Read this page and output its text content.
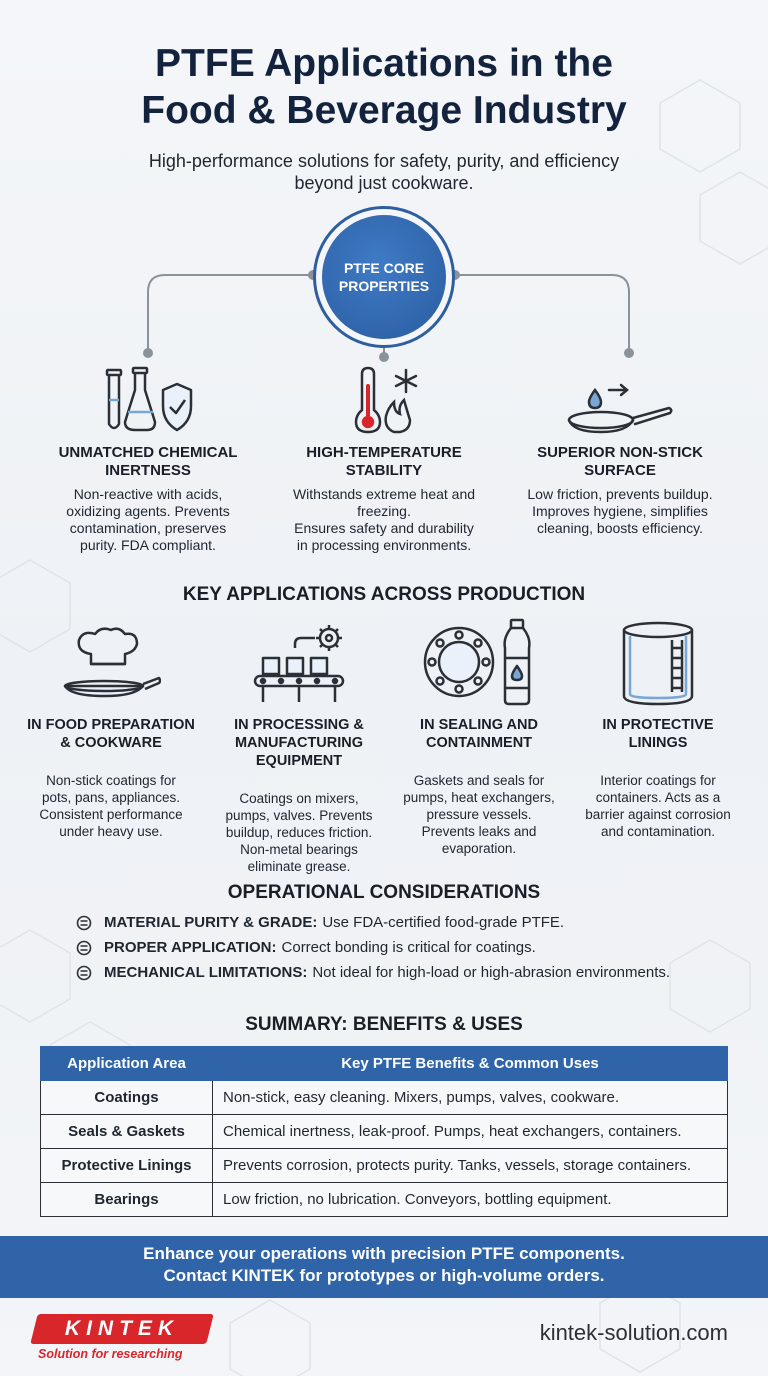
PTFE Applications in the
Food & Beverage Industry
High-performance solutions for safety, purity, and efficiency
beyond just cookware.
PTFE CORE
PROPERTIES
UNMATCHED CHEMICAL
INERTNESS

Non-reactive with acids,
oxidizing agents. Prevents
contamination, preserves
purity. FDA compliant.

HIGH-TEMPERATURE
STABILITY

Withstands extreme heat and
freezing.
Ensures safety and durability
in processing environments.

SUPERIOR NON-STICK
SURFACE

Low friction, prevents buildup.
Improves hygiene, simplifies
cleaning, boosts efficiency.

KEY APPLICATIONS ACROSS PRODUCTION
IN FOOD PREPARATION
& COOKWARE

Non-stick coatings for
pots, pans, appliances.
Consistent performance
under heavy use.

IN PROCESSING &
MANUFACTURING
EQUIPMENT

Coatings on mixers,
pumps, valves. Prevents
buildup, reduces friction.
Non-metal bearings
eliminate grease.

IN SEALING AND
CONTAINMENT

Gaskets and seals for
pumps, heat exchangers,
pressure vessels.
Prevents leaks and
evaporation.

IN PROTECTIVE
LININGS

Interior coatings for
containers. Acts as a
barrier against corrosion
and contamination.

OPERATIONAL CONSIDERATIONS
MATERIAL PURITY & GRADE: Use FDA-certified food-grade PTFE.
PROPER APPLICATION: Correct bonding is critical for coatings.
MECHANICAL LIMITATIONS: Not ideal for high-load or high-abrasion environments.
SUMMARY: BENEFITS & USES
Application Area	Key PTFE Benefits & Common Uses
Coatings	Non-stick, easy cleaning. Mixers, pumps, valves, cookware.
Seals & Gaskets	Chemical inertness, leak-proof. Pumps, heat exchangers, containers.
Protective Linings	Prevents corrosion, protects purity. Tanks, vessels, storage containers.
Bearings	Low friction, no lubrication. Conveyors, bottling equipment.
Enhance your operations with precision PTFE components.
Contact KINTEK for prototypes or high-volume orders.
KINTEK
Solution for researching
kintek-solution.com
